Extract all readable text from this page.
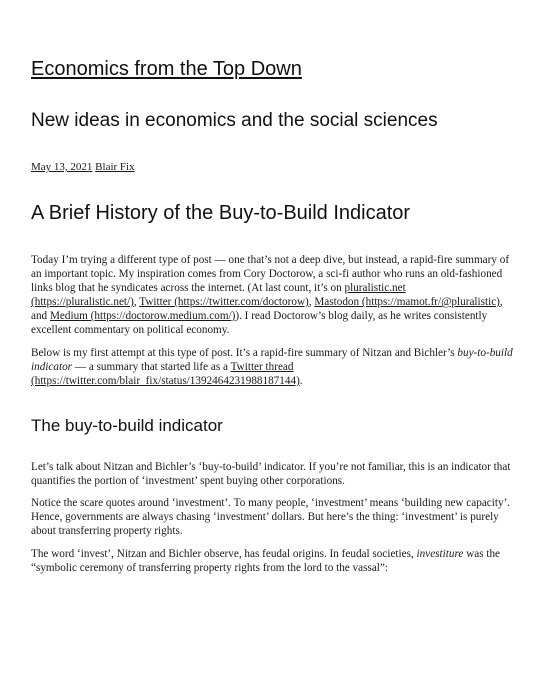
Economics from the Top Down
New ideas in economics and the social sciences
May 13, 2021 Blair Fix
A Brief History of the Buy-to-Build Indicator

Today I’m trying a different type of post — one that’s not a deep dive, but instead, a rapid-fire summary of an important topic. My inspiration comes from Cory Doctorow, a sci-fi author who runs an old-fashioned links blog that he syndicates across the internet. (At last count, it’s on pluralistic.net (https://pluralistic.net/), Twitter (https://twitter.com/doctorow), Mastodon (https://mamot.fr/@pluralistic), and Medium (https://doctorow.medium.com/)). I read Doctorow’s blog daily, as he writes consistently excellent commentary on political economy.

Below is my first attempt at this type of post. It’s a rapid-fire summary of Nitzan and Bichler’s buy-to-build indicator — a summary that started life as a Twitter thread (https://twitter.com/blair_fix/status/1392464231988187144).

The buy-to-build indicator

Let’s talk about Nitzan and Bichler’s ‘buy-to-build’ indicator. If you’re not familiar, this is an indicator that quantifies the portion of ‘investment’ spent buying other corporations.

Notice the scare quotes around ‘investment’. To many people, ‘investment’ means ‘building new capacity’. Hence, governments are always chasing ‘investment’ dollars. But here’s the thing: ‘investment’ is purely about transferring property rights.

The word ‘invest’, Nitzan and Bichler observe, has feudal origins. In feudal societies, investiture was the “symbolic ceremony of transferring property rights from the lord to the vassal”:
